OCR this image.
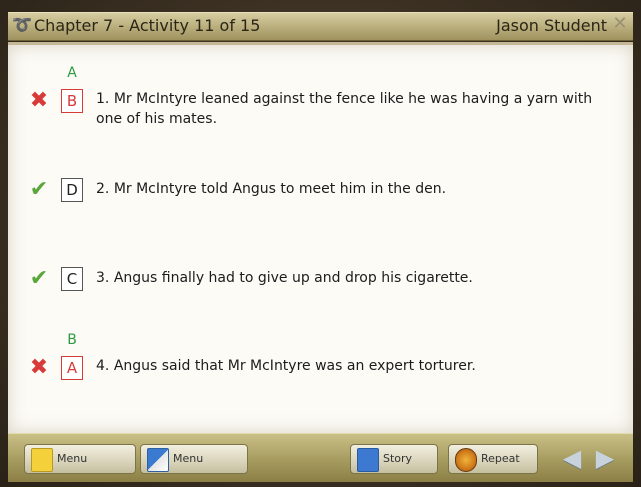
➰ Chapter 7 - Activity 11 of 15	Jason Student ✕
A
✖	B	1. Mr McIntyre leaned against the fence like he was having a yarn with one of his mates.
✔	D	2. Mr McIntyre told Angus to meet him in the den.
✔	C	3. Angus finally had to give up and drop his cigarette.
B
✖	A	4. Angus said that Mr McIntyre was an expert torturer.
Menu	Menu	Story	Repeat ◀ ▶
